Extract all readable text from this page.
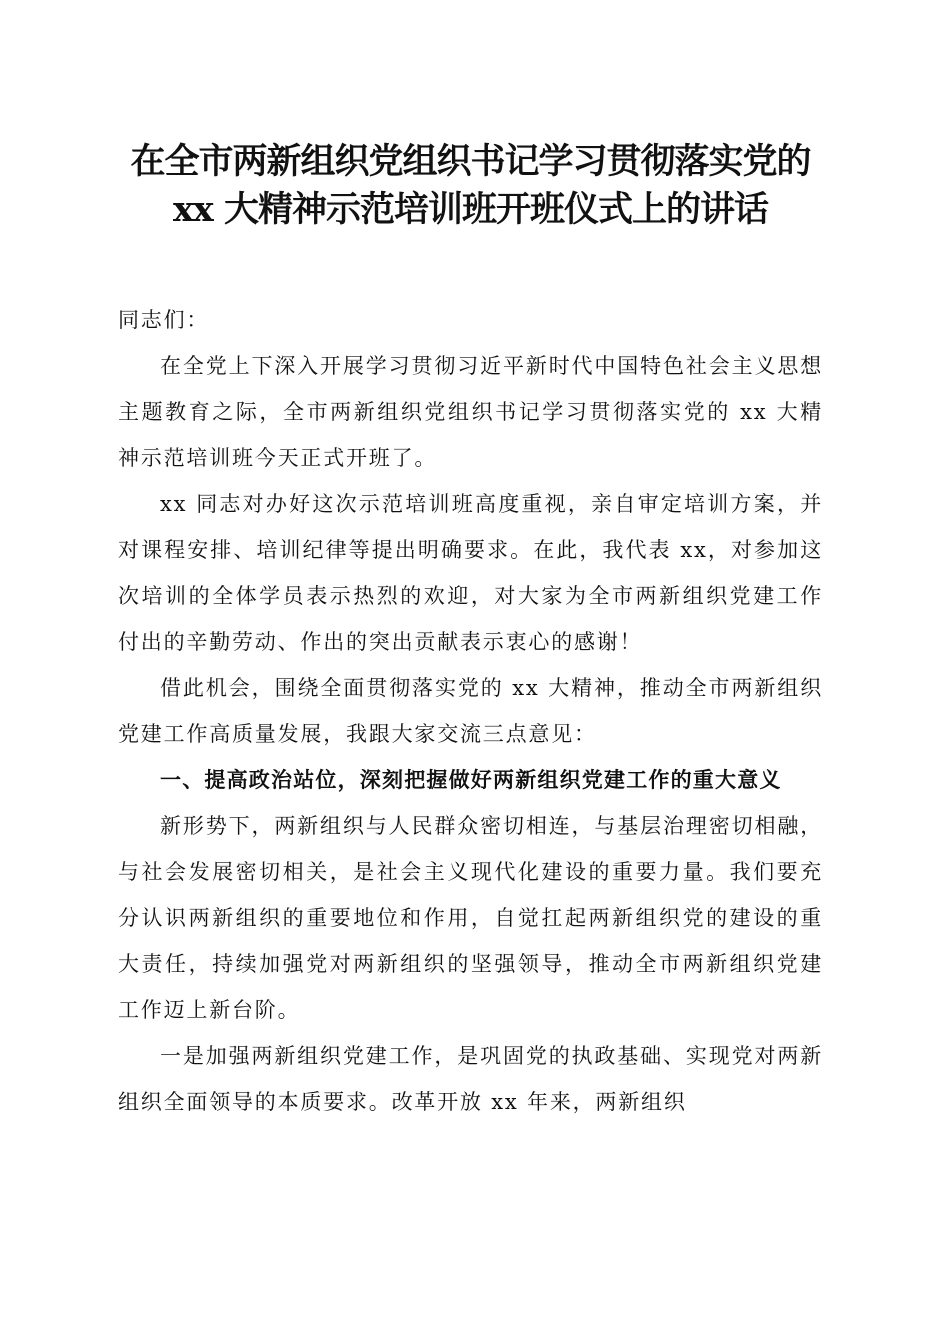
在全市两新组织党组织书记学习贯彻落实党的
xx 大精神示范培训班开班仪式上的讲话

同志们：

在全党上下深入开展学习贯彻习近平新时代中国特色社会主义思想主题教育之际，全市两新组织党组织书记学习贯彻落实党的 xx 大精神示范培训班今天正式开班了。

xx 同志对办好这次示范培训班高度重视，亲自审定培训方案，并对课程安排、培训纪律等提出明确要求。在此，我代表 xx，对参加这次培训的全体学员表示热烈的欢迎，对大家为全市两新组织党建工作付出的辛勤劳动、作出的突出贡献表示衷心的感谢！

借此机会，围绕全面贯彻落实党的 xx 大精神，推动全市两新组织党建工作高质量发展，我跟大家交流三点意见：

一、提高政治站位，深刻把握做好两新组织党建工作的重大意义

新形势下，两新组织与人民群众密切相连，与基层治理密切相融，与社会发展密切相关，是社会主义现代化建设的重要力量。我们要充分认识两新组织的重要地位和作用，自觉扛起两新组织党的建设的重大责任，持续加强党对两新组织的坚强领导，推动全市两新组织党建工作迈上新台阶。

一是加强两新组织党建工作，是巩固党的执政基础、实现党对两新组织全面领导的本质要求。改革开放 xx 年来，两新组织
